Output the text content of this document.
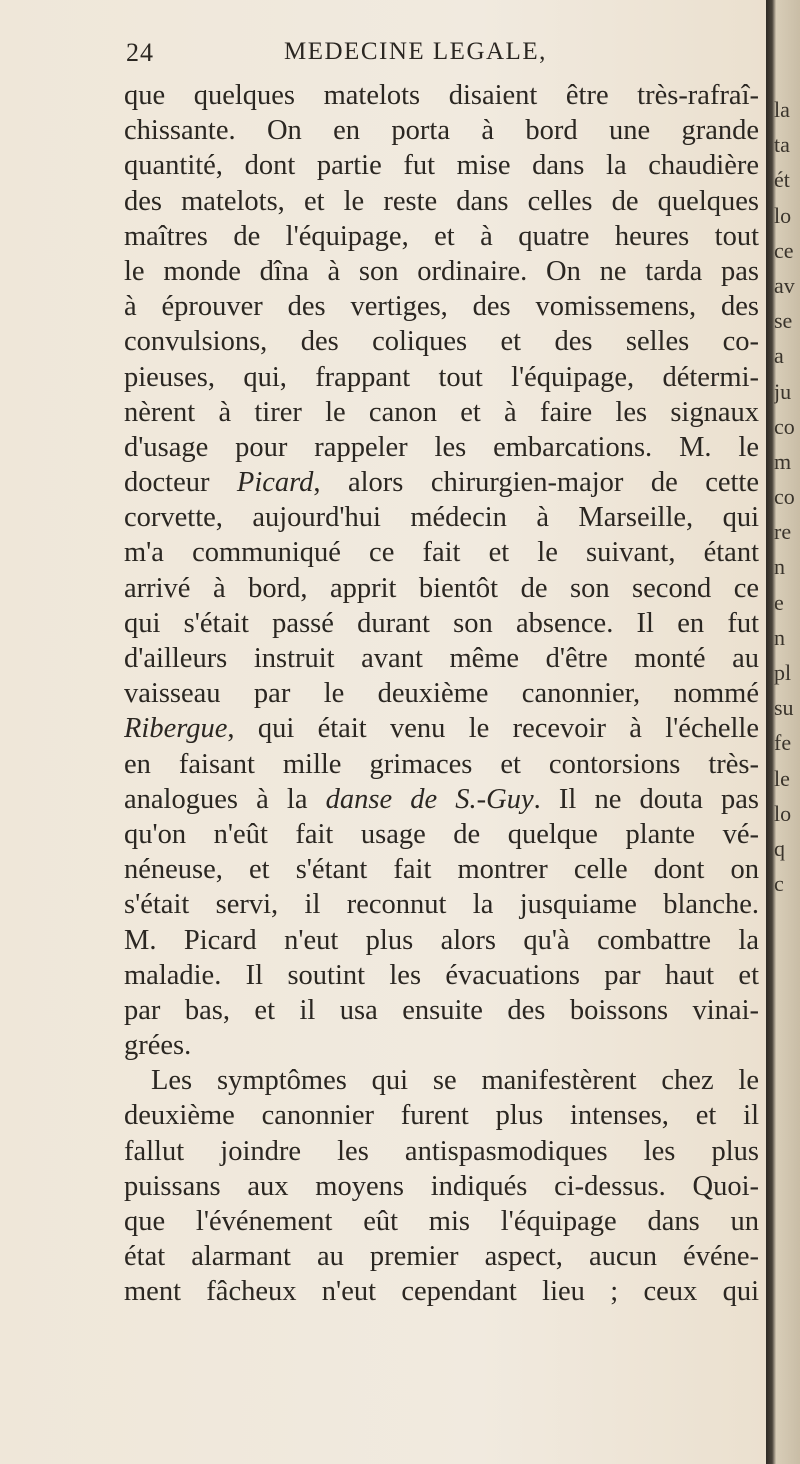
24	MEDECINE LEGALE,
que quelques matelots disaient être très-rafraî-
chissante. On en porta à bord une grande
quantité, dont partie fut mise dans la chaudière
des matelots, et le reste dans celles de quelques
maîtres de l'équipage, et à quatre heures tout
le monde dîna à son ordinaire. On ne tarda pas
à éprouver des vertiges, des vomissemens, des
convulsions, des coliques et des selles co-
pieuses, qui, frappant tout l'équipage, détermi-
nèrent à tirer le canon et à faire les signaux
d'usage pour rappeler les embarcations. M. le
docteur Picard, alors chirurgien-major de cette
corvette, aujourd'hui médecin à Marseille, qui
m'a communiqué ce fait et le suivant, étant
arrivé à bord, apprit bientôt de son second ce
qui s'était passé durant son absence. Il en fut
d'ailleurs instruit avant même d'être monté au
vaisseau par le deuxième canonnier, nommé
Ribergue, qui était venu le recevoir à l'échelle
en faisant mille grimaces et contorsions très-
analogues à la danse de S.-Guy. Il ne douta pas
qu'on n'eût fait usage de quelque plante vé-
néneuse, et s'étant fait montrer celle dont on
s'était servi, il reconnut la jusquiame blanche.
M. Picard n'eut plus alors qu'à combattre la
maladie. Il soutint les évacuations par haut et
par bas, et il usa ensuite des boissons vinai-
grées.
Les symptômes qui se manifestèrent chez le
deuxième canonnier furent plus intenses, et il
fallut joindre les antispasmodiques les plus
puissans aux moyens indiqués ci-dessus. Quoi-
que l'événement eût mis l'équipage dans un
état alarmant au premier aspect, aucun événe-
ment fâcheux n'eut cependant lieu ; ceux qui
la
ta
ét
lo
ce
av
se
a
ju
co
m
co
re
n
e
n
pl
su
fe
le
lo
q
c
